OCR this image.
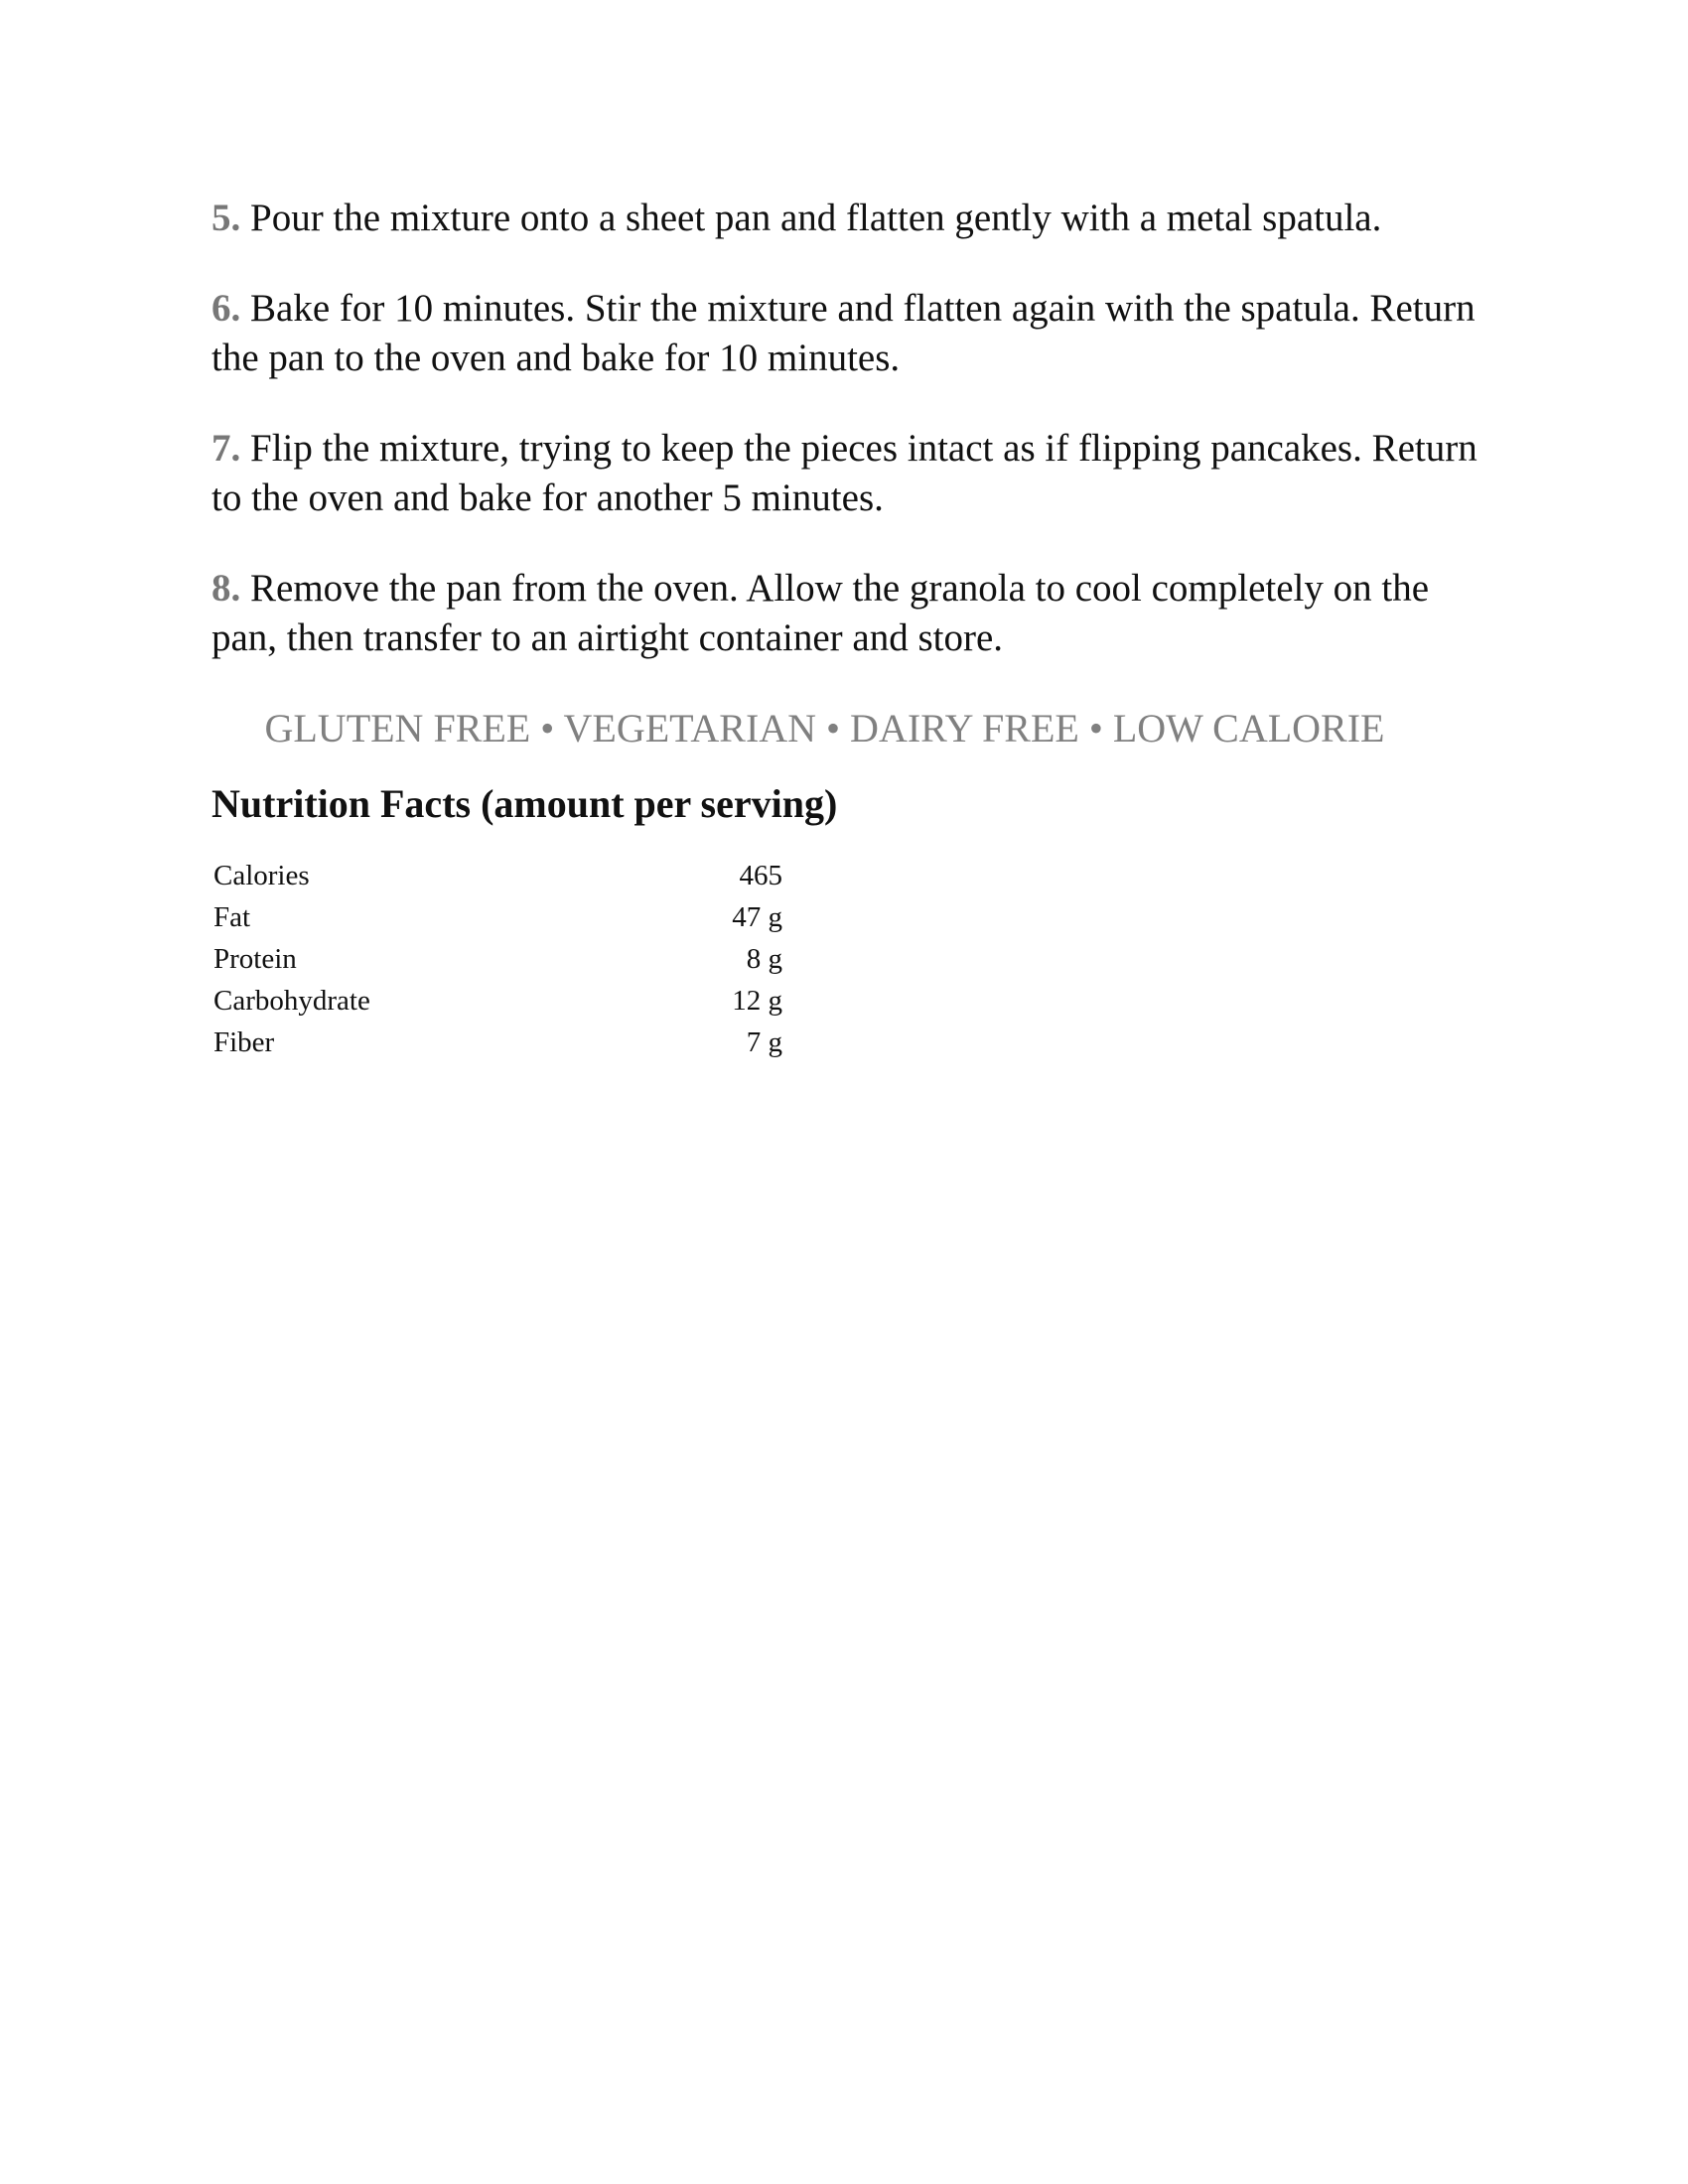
5. Pour the mixture onto a sheet pan and flatten gently with a metal spatula.

6. Bake for 10 minutes. Stir the mixture and flatten again with the spatula. Return the pan to the oven and bake for 10 minutes.

7. Flip the mixture, trying to keep the pieces intact as if flipping pancakes. Return to the oven and bake for another 5 minutes.

8. Remove the pan from the oven. Allow the granola to cool completely on the pan, then transfer to an airtight container and store.

GLUTEN FREE • VEGETARIAN • DAIRY FREE • LOW CALORIE
Nutrition Facts (amount per serving)
Calories	465
Fat	47 g
Protein	8 g
Carbohydrate	12 g
Fiber	7 g
